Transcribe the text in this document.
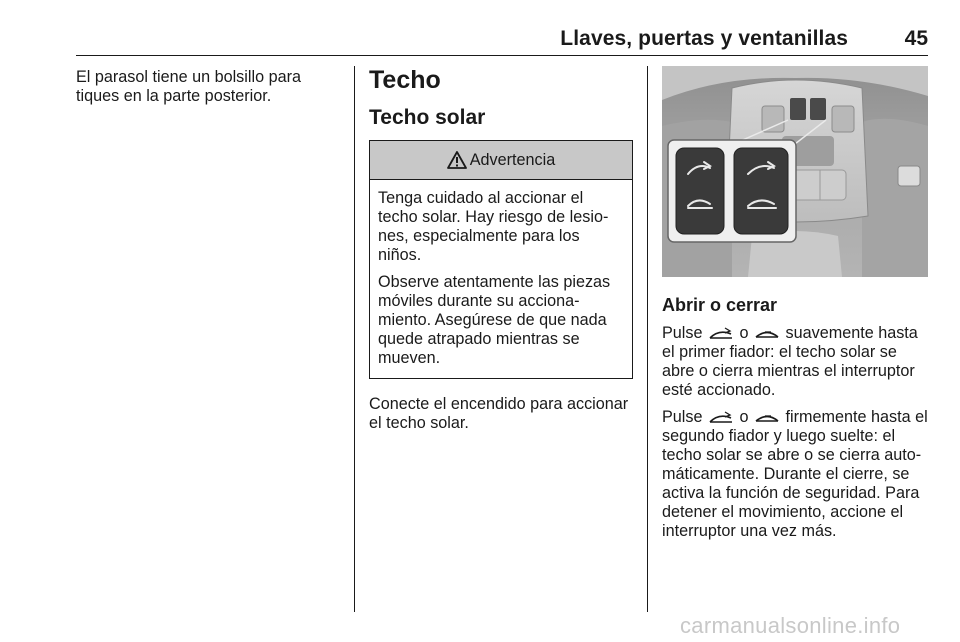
Llaves, puertas y ventanillas	45

El parasol tiene un bolsillo para tiques en la parte posterior.

Techo
Techo solar
Advertencia

Tenga cuidado al accionar el techo solar. Hay riesgo de lesio-nes, especialmente para los niños.

Observe atentamente las piezas móviles durante su acciona-miento. Asegúrese de que nada quede atrapado mientras se mueven.

Conecte el encendido para accionar el techo solar.

Abrir o cerrar

Pulse o suavemente hasta el primer fiador: el techo solar se abre o cierra mientras el interruptor esté accionado.

Pulse o firmemente hasta el segundo fiador y luego suelte: el techo solar se abre o se cierra auto-máticamente. Durante el cierre, se activa la función de seguridad. Para detener el movimiento, accione el interruptor una vez más.

carmanualsonline.info
